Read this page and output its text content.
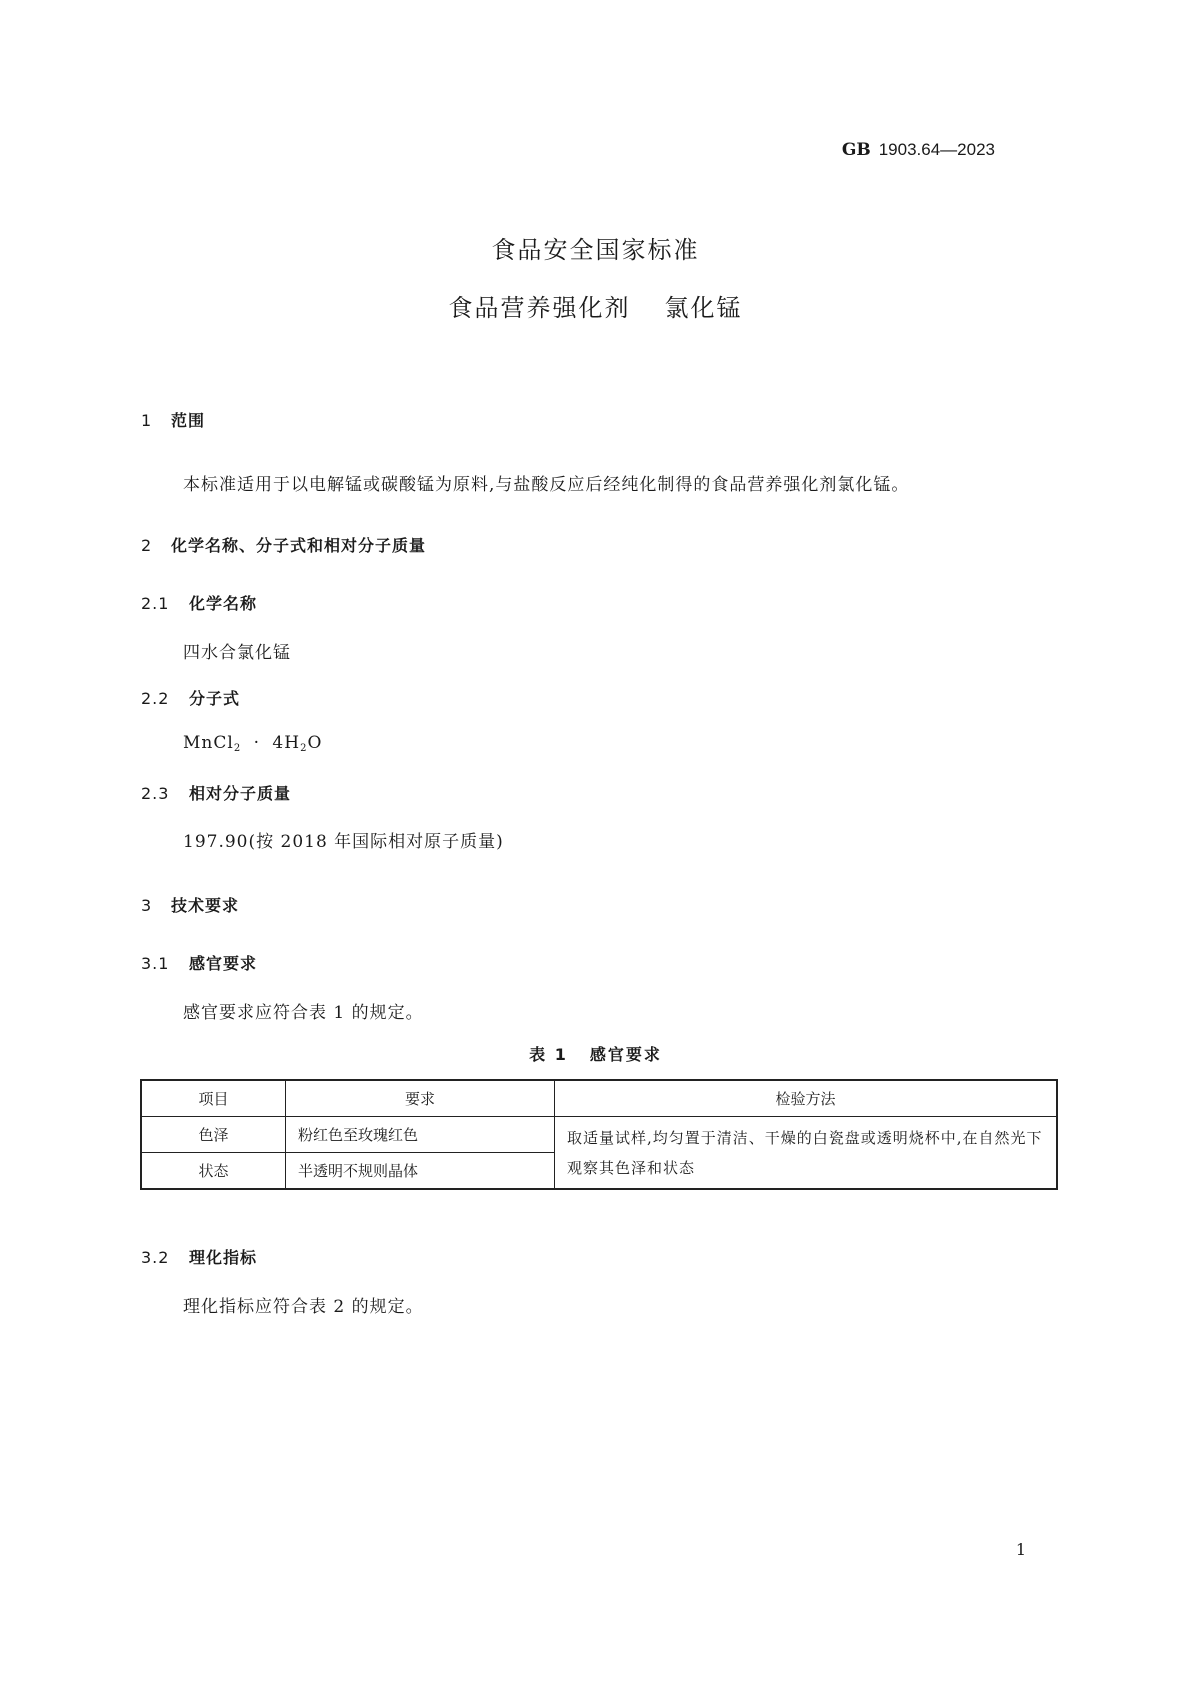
GB 1903.64—2023
食品安全国家标准
食品营养强化剂 氯化锰
1 范围
本标准适用于以电解锰或碳酸锰为原料,与盐酸反应后经纯化制得的食品营养强化剂氯化锰。
2 化学名称、分子式和相对分子质量
2.1 化学名称
四水合氯化锰
2.2 分子式
MnCl$_2$ · $4H_2O$
2.3 相对分子质量
197.90(按 2018 年国际相对原子质量)
3 技术要求
3.1 感官要求
感官要求应符合表 1 的规定。
表 1 感官要求
项目	要求	检验方法
色泽	粉红色至玫瑰红色	取适量试样,均匀置于清洁、干燥的白瓷盘或透明烧杯中,在自然光下观察其色泽和状态
状态	半透明不规则晶体	
3.2 理化指标
理化指标应符合表 2 的规定。
1
